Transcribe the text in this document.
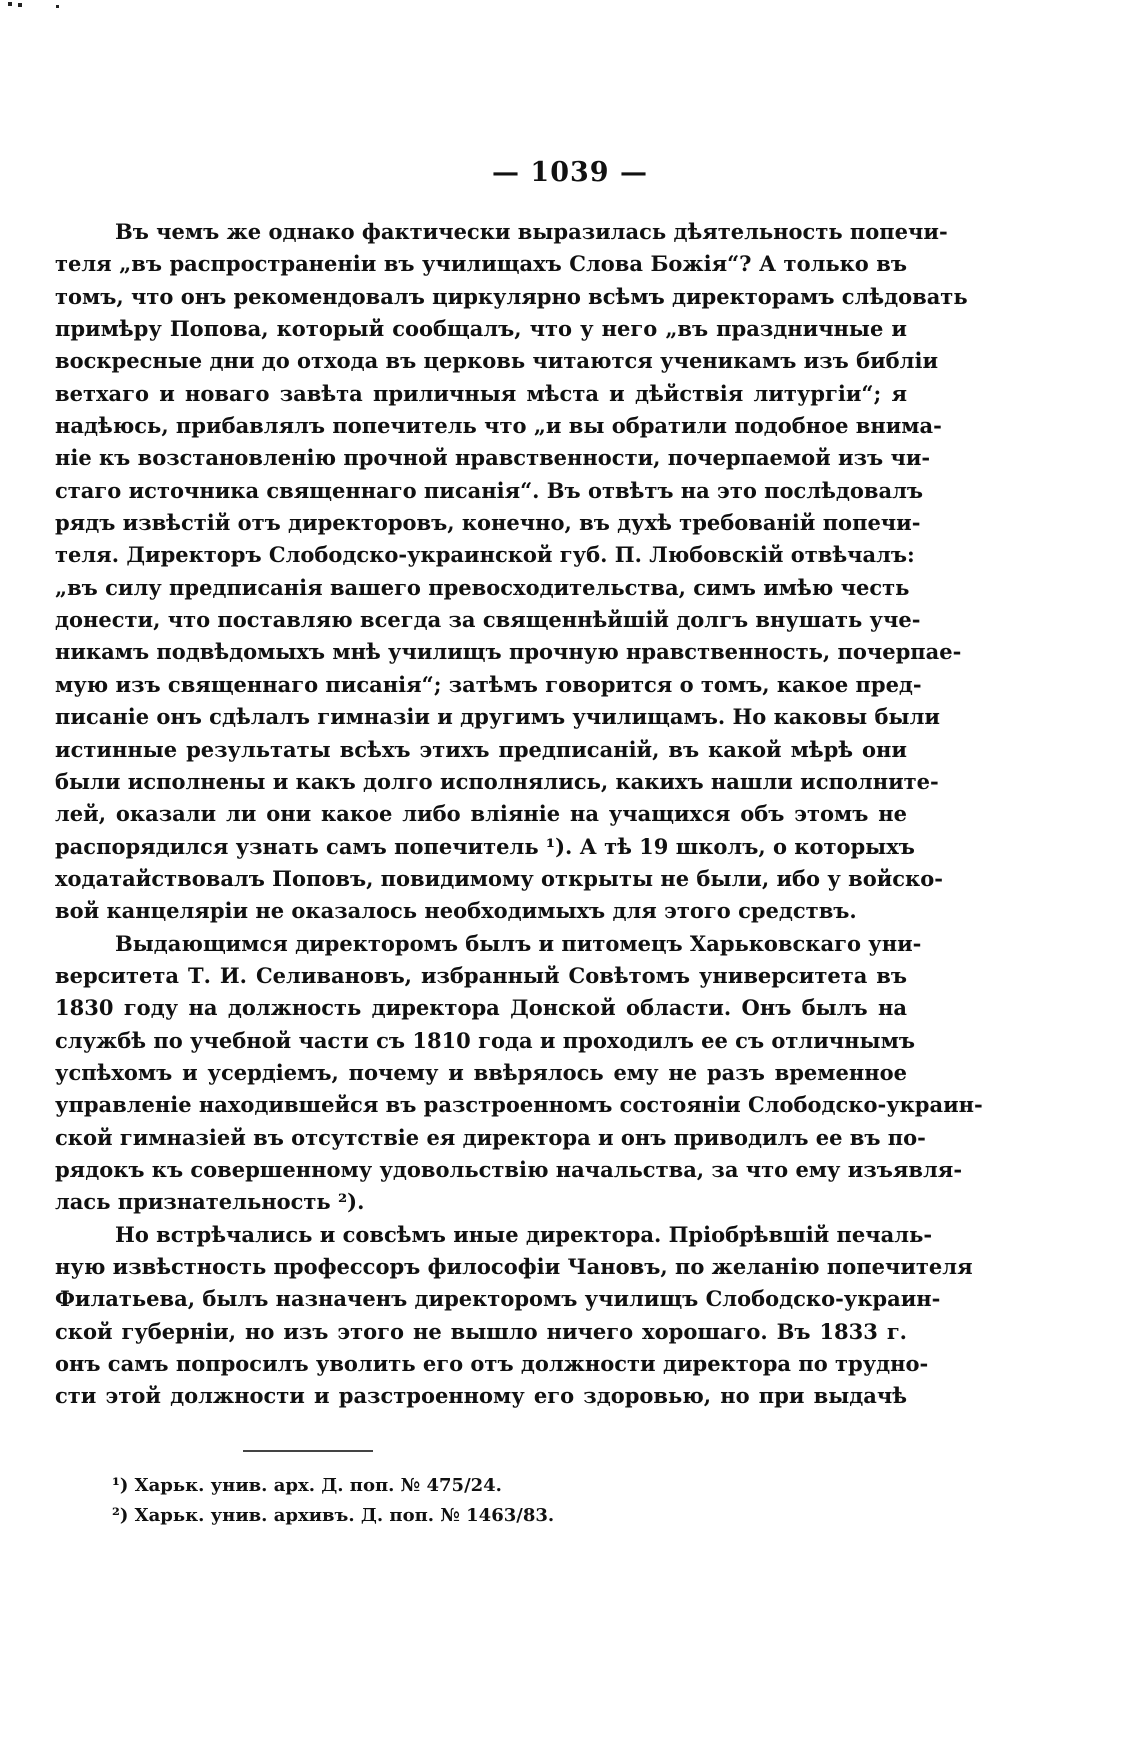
— 1039 —
Въ чемъ же однако фактически выразилась дѣятельность попечи-
теля „въ распространеніи въ училищахъ Слова Божія“? А только въ
томъ, что онъ рекомендовалъ циркулярно всѣмъ директорамъ слѣдовать
примѣру Попова, который сообщалъ, что у него „въ праздничные и
воскресные дни до отхода въ церковь читаются ученикамъ изъ библіи
ветхаго и новаго завѣта приличныя мѣста и дѣйствія литургіи“; я
надѣюсь, прибавлялъ попечитель что „и вы обратили подобное внима-
ніе къ возстановленію прочной нравственности, почерпаемой изъ чи-
стаго источника священнаго писанія“. Въ отвѣтъ на это послѣдовалъ
рядъ извѣстій отъ директоровъ, конечно, въ духѣ требованій попечи-
теля. Директоръ Слободско-украинской губ. П. Любовскій отвѣчалъ:
„въ силу предписанія вашего превосходительства, симъ имѣю честь
донести, что поставляю всегда за священнѣйшій долгъ внушать уче-
никамъ подвѣдомыхъ мнѣ училищъ прочную нравственность, почерпае-
мую изъ священнаго писанія“; затѣмъ говорится о томъ, какое пред-
писаніе онъ сдѣлалъ гимназіи и другимъ училищамъ. Но каковы были
истинные результаты всѣхъ этихъ предписаній, въ какой мѣрѣ они
были исполнены и какъ долго исполнялись, какихъ нашли исполните-
лей, оказали ли они какое либо вліяніе на учащихся объ этомъ не
распорядился узнать самъ попечитель ¹). А тѣ 19 школъ, о которыхъ
ходатайствовалъ Поповъ, повидимому открыты не были, ибо у войско-
вой канцеляріи не оказалось необходимыхъ для этого средствъ.
Выдающимся директоромъ былъ и питомецъ Харьковскаго уни-
верситета Т. И. Селивановъ, избранный Совѣтомъ университета въ
1830 году на должность директора Донской области. Онъ былъ на
службѣ по учебной части съ 1810 года и проходилъ ее съ отличнымъ
успѣхомъ и усердіемъ, почему и ввѣрялось ему не разъ временное
управленіе находившейся въ разстроенномъ состояніи Слободско-украин-
ской гимназіей въ отсутствіе ея директора и онъ приводилъ ее въ по-
рядокъ къ совершенному удовольствію начальства, за что ему изъявля-
лась признательность ²).
Но встрѣчались и совсѣмъ иные директора. Пріобрѣвшій печаль-
ную извѣстность профессоръ философіи Чановъ, по желанію попечителя
Филатьева, былъ назначенъ директоромъ училищъ Слободско-украин-
ской губерніи, но изъ этого не вышло ничего хорошаго. Въ 1833 г.
онъ самъ попросилъ уволить его отъ должности директора по трудно-
сти этой должности и разстроенному его здоровью, но при выдачѣ
¹) Харьк. унив. арх. Д. поп. № 475/24.
²) Харьк. унив. архивъ. Д. поп. № 1463/83.
